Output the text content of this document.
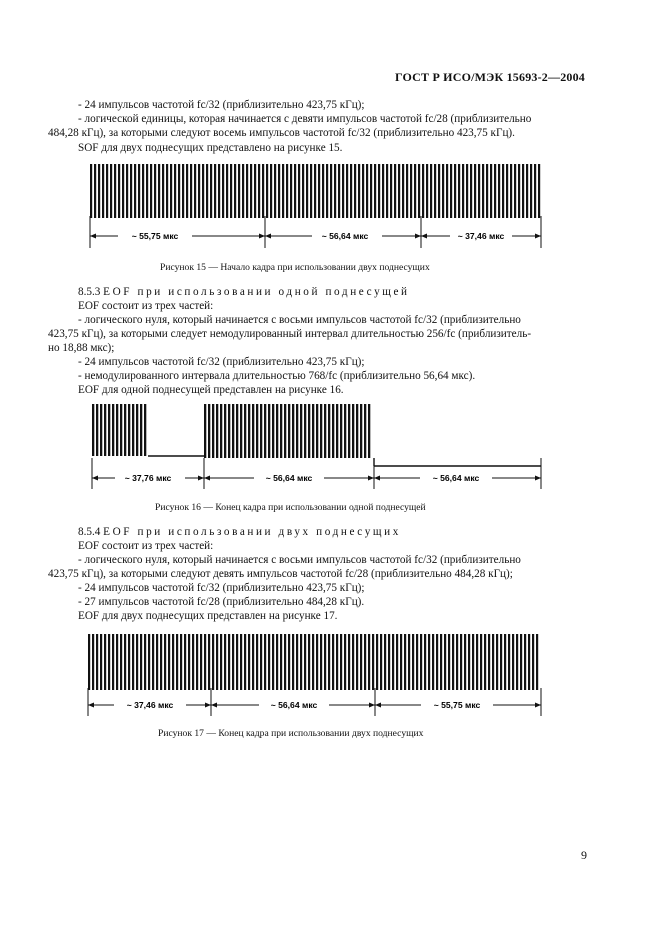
ГОСТ Р ИСО/МЭК 15693-2—2004
- 24 импульсов частотой fc/32 (приблизительно 423,75 кГц);
- логической единицы, которая начинается с девяти импульсов частотой fc/28 (приблизительно
484,28 кГц), за которыми следуют восемь импульсов частотой fc/32 (приблизительно 423,75 кГц).
SOF для двух поднесущих представлено на рисунке 15.
~ 55,75 мкс	~ 56,64 мкс	~ 37,46 мкс
Рисунок 15 — Начало кадра при использовании двух поднесущих
8.5.3 EOF при использовании одной поднесущей
EOF состоит из трех частей:
- логического нуля, который начинается с восьми импульсов частотой fc/32 (приблизительно
423,75 кГц), за которыми следует немодулированный интервал длительностью 256/fc (приблизитель-
но 18,88 мкс);
- 24 импульсов частотой fc/32 (приблизительно 423,75 кГц);
- немодулированного интервала длительностью 768/fc (приблизительно 56,64 мкс).
EOF для одной поднесущей представлен на рисунке 16.
~ 37,76 мкс	~ 56,64 мкс	~ 56,64 мкс
Рисунок 16 — Конец кадра при использовании одной поднесущей
8.5.4 EOF при использовании двух поднесущих
EOF состоит из трех частей:
- логического нуля, который начинается с восьми импульсов частотой fc/32 (приблизительно
423,75 кГц), за которыми следуют девять импульсов частотой fc/28 (приблизительно 484,28 кГц);
- 24 импульсов частотой fc/32 (приблизительно 423,75 кГц);
- 27 импульсов частотой fc/28 (приблизительно 484,28 кГц).
EOF для двух поднесущих представлен на рисунке 17.
~ 37,46 мкс	~ 56,64 мкс	~ 55,75 мкс
Рисунок 17 — Конец кадра при использовании двух поднесущих
9
